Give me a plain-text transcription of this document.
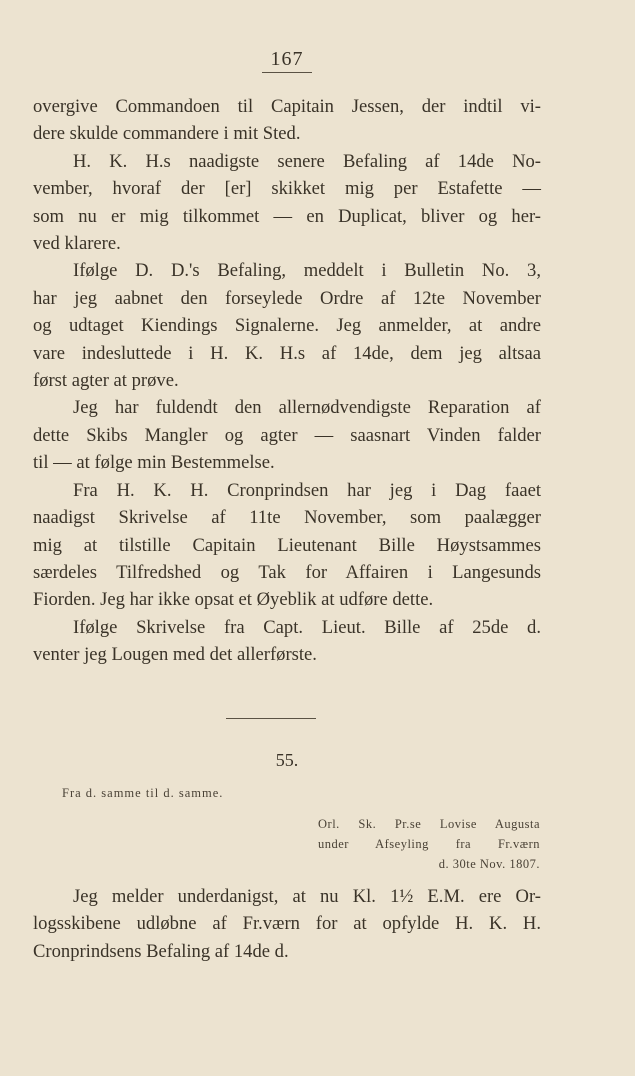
167

overgive Commandoen til Capitain Jessen, der indtil vi-

dere skulde commandere i mit Sted.

H. K. H.s naadigste senere Befaling af 14de No-

vember, hvoraf der [er] skikket mig per Estafette —

som nu er mig tilkommet — en Duplicat, bliver og her-

ved klarere.

Ifølge D. D.'s Befaling, meddelt i Bulletin No. 3,

har jeg aabnet den forseylede Ordre af 12te November

og udtaget Kiendings Signalerne. Jeg anmelder, at andre

vare indesluttede i H. K. H.s af 14de, dem jeg altsaa

først agter at prøve.

Jeg har fuldendt den allernødvendigste Reparation af

dette Skibs Mangler og agter — saasnart Vinden falder

til — at følge min Bestemmelse.

Fra H. K. H. Cronprindsen har jeg i Dag faaet

naadigst Skrivelse af 11te November, som paalægger

mig at tilstille Capitain Lieutenant Bille Høystsammes

særdeles Tilfredshed og Tak for Affairen i Langesunds

Fiorden. Jeg har ikke opsat et Øyeblik at udføre dette.

Ifølge Skrivelse fra Capt. Lieut. Bille af 25de d.

venter jeg Lougen med det allerførste.

55.
Fra d. samme til d. samme.
Orl. Sk. Pr.se Lovise Augusta
under Afseyling fra Fr.værn
d. 30te Nov. 1807.

Jeg melder underdanigst, at nu Kl. 1½ E.M. ere Or-

logsskibene udløbne af Fr.værn for at opfylde H. K. H.

Cronprindsens Befaling af 14de d.
